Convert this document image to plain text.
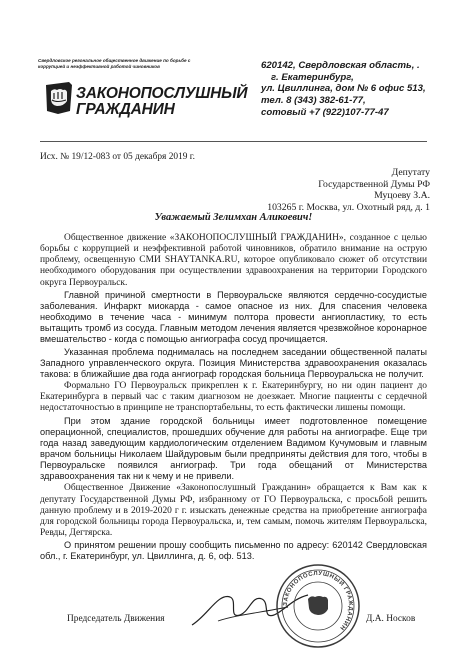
Свердловское регональное общественное движение по борьбе с коррупцией и неэффективной работой чиновников
ЗАКОНОПОСЛУШНЫЙ
ГРАЖДАНИН
620142, Свердловская область, .
г. Екатеринбург,
ул. Цвиллинга, дом № 6 офис 513,
тел. 8 (343) 382-61-77,
сотовый +7 (922)107-77-47
Исх. № 19/12-083 от 05 декабря 2019 г.
Депутату
Государственной Думы РФ
Муцоеву З.А.
103265 г. Москва, ул. Охотный ряд, д. 1
Уважаемый Зелимхан Аликоевич!

Общественное движение «ЗАКОНОПОСЛУШНЫЙ ГРАЖДАНИН», созданное с целью борьбы с коррупцией и неэффективной работой чиновников, обратило внимание на острую проблему, освещенную СМИ SHAYTANKA.RU, которое опубликовало сюжет об отсутствии необходимого оборудования при осуществлении здравоохранения на территории Городского округа Первоуральск.

Главной причиной смертности в Первоуральске являются сердечно-сосудистые заболевания. Инфаркт миокарда - самое опасное из них. Для спасения человека необходимо в течение часа - минимум полтора провести ангиопластику, то есть вытащить тромб из сосуда. Главным методом лечения является чрезвжойное коронарное вмешательство - когда с помощью ангиографа сосуд прочищается.

Указанная проблема поднималась на последнем заседании общественной палаты Западного управленческого округа. Позиция Министерства здравоохранения оказалась такова: в ближайшие два года ангиограф городская больница Первоуральска не получит.

Формально ГО Первоуральск прикреплен к г. Екатеринбургу, но ни один пациент до Екатеринбурга в первый час с таким диагнозом не доезжает. Многие пациенты с сердечной недостаточностью в принципе не транспортабельны, то есть фактически лишены помощи.

При этом здание городской больницы имеет подготовленное помещение операционной, специалистов, прошедших обучение для работы на ангиографе. Еще три года назад заведующим кардиологическим отделением Вадимом Кучумовым и главным врачом больницы Николаем Шайдуровым были предприняты действия для того, чтобы в Первоуральске появился ангиограф. Три года обещаний от Министерства здравоохранения так ни к чему и не привели.

Общественное Движение «Законопослушный Гражданин» обращается к Вам как к депутату Государственной Думы РФ, избранному от ГО Первоуральска, с просьбой решить данную проблему и в 2019-2020 г г. изыскать денежные средства на приобретение ангиографа для городской больницы города Первоуральска, и, тем самым, помочь жителям Первоуральска, Ревды, Дегтярска.

О принятом решении прошу сообщить письменно по адресу: 620142 Свердловская обл., г. Екатеринбург, ул. Цвиллинга, д. 6, оф. 513.

ЗАКОНОПОСЛУШНЫЙ ГРАЖДАНИН
Председатель Движения	Д.А. Носков
